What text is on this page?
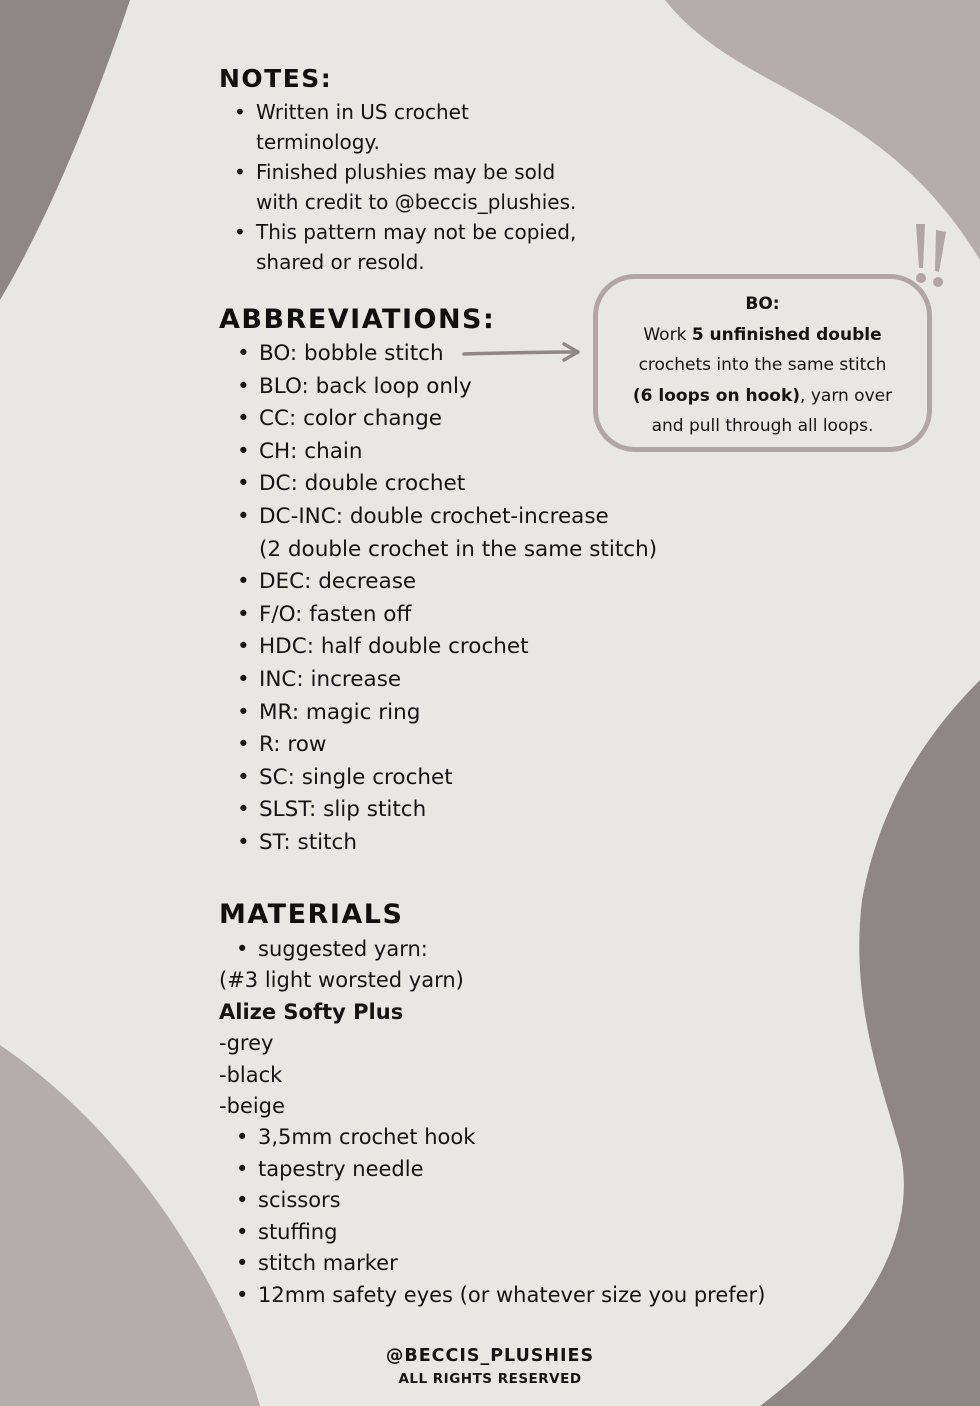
NOTES:
• Written in US crochet
terminology.
• Finished plushies may be sold
with credit to @beccis_plushies.
• This pattern may not be copied,
shared or resold.
ABBREVIATIONS:
• BO: bobble stitch
• BLO: back loop only
• CC: color change
• CH: chain
• DC: double crochet
• DC-INC: double crochet-increase
(2 double crochet in the same stitch)
• DEC: decrease
• F/O: fasten off
• HDC: half double crochet
• INC: increase
• MR: magic ring
• R: row
• SC: single crochet
• SLST: slip stitch
• ST: stitch
BO:
Work 5 unfinished double
crochets into the same stitch
(6 loops on hook), yarn over
and pull through all loops.
MATERIALS
• suggested yarn:

(#3 light worsted yarn)

Alize Softy Plus

-grey

-black

-beige

• 3,5mm crochet hook
• tapestry needle
• scissors
• stuffing
• stitch marker
• 12mm safety eyes (or whatever size you prefer)

@BECCIS_PLUSHIES

ALL RIGHTS RESERVED
